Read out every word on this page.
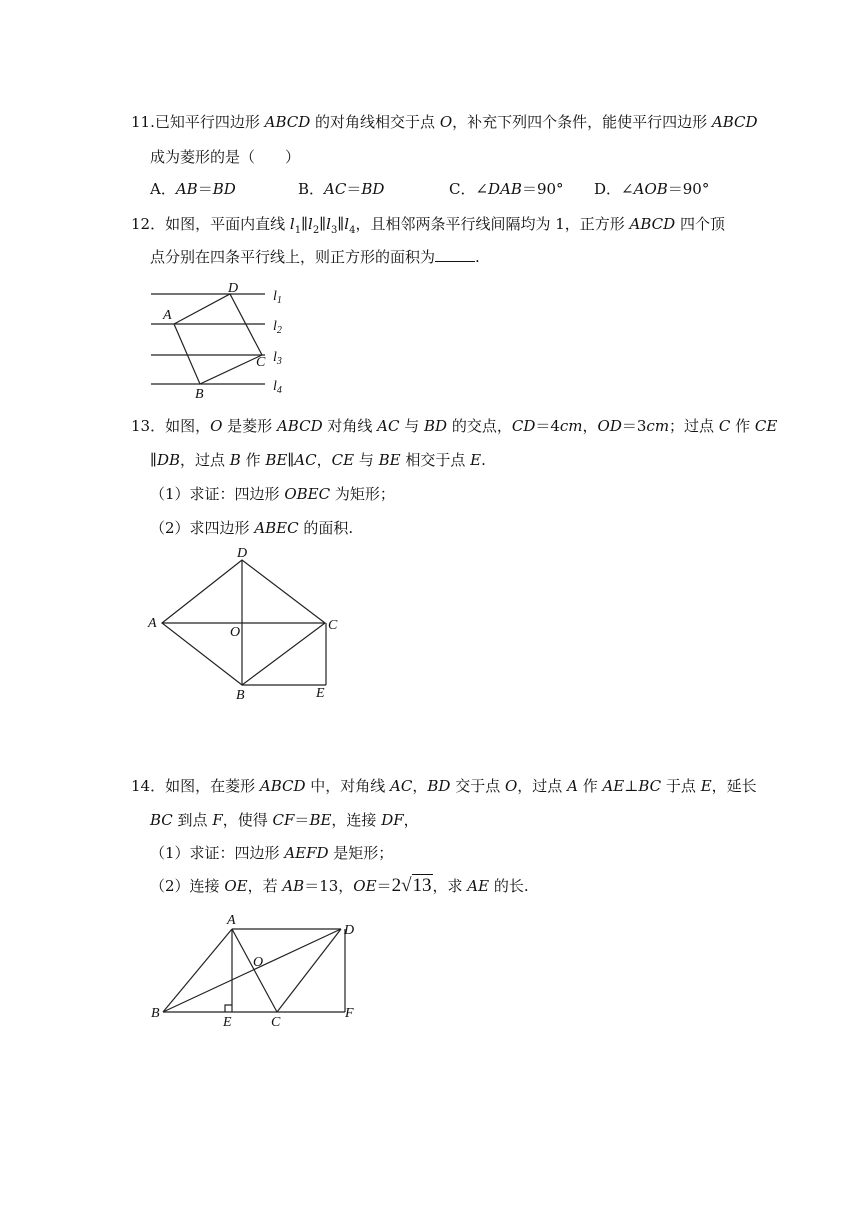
11.已知平行四边形 ABCD 的对角线相交于点 O，补充下列四个条件，能使平行四边形 ABCD
成为菱形的是（　　）
A．AB＝BD	B．AC＝BD	C．∠DAB＝90° D．∠AOB＝90°
12．如图，平面内直线 $l_1\parallel l_2\parallel l_3\parallel l_4$，且相邻两条平行线间隔均为 1，正方形 ABCD 四个顶
点分别在四条平行线上，则正方形的面积为	.
D
A
C
B
$l_1$
$l_2$
$l_3$
$l_4$
D
A
O	C
B	E
A
O
D
B
E	C
F
13．如图，O 是菱形 ABCD 对角线 AC 与 BD 的交点，CD＝4cm，OD＝3cm；过点 C 作 CE
∥DB，过点 B 作 BE∥AC，CE 与 BE 相交于点 E.
（1）求证：四边形 OBEC 为矩形；
（2）求四边形 ABEC 的面积.
14．如图，在菱形 ABCD 中，对角线 AC，BD 交于点 O，过点 A 作 AE⊥BC 于点 E，延长
BC 到点 F，使得 CF＝BE，连接 DF，
（1）求证：四边形 AEFD 是矩形；
（2）连接 OE，若 AB＝13，OE＝2√13，求 AE 的长.
